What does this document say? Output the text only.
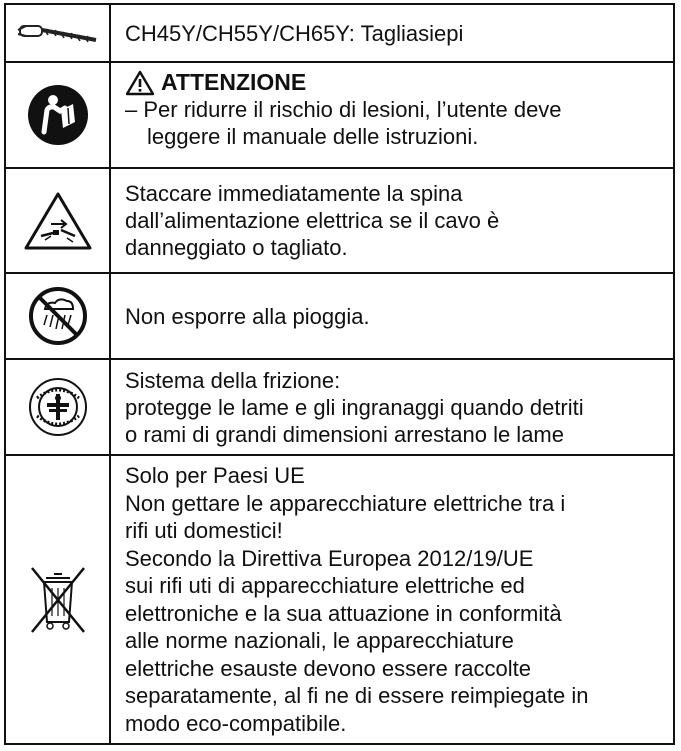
CH45Y/CH55Y/CH65Y: Tagliasiepi
ATTENZIONE
– Per ridurre il rischio di lesioni, l’utente deve
leggere il manuale delle istruzioni.
Staccare immediatamente la spina
dall’alimentazione elettrica se il cavo è
danneggiato o tagliato.
Non esporre alla pioggia.
Sistema della frizione:
protegge le lame e gli ingranaggi quando detriti
o rami di grandi dimensioni arrestano le lame
Solo per Paesi UE
Non gettare le apparecchiature elettriche tra i
rifi uti domestici!
Secondo la Direttiva Europea 2012/19/UE
sui rifi uti di apparecchiature elettriche ed
elettroniche e la sua attuazione in conformità
alle norme nazionali, le apparecchiature
elettriche esauste devono essere raccolte
separatamente, al fi ne di essere reimpiegate in
modo eco-compatibile.
